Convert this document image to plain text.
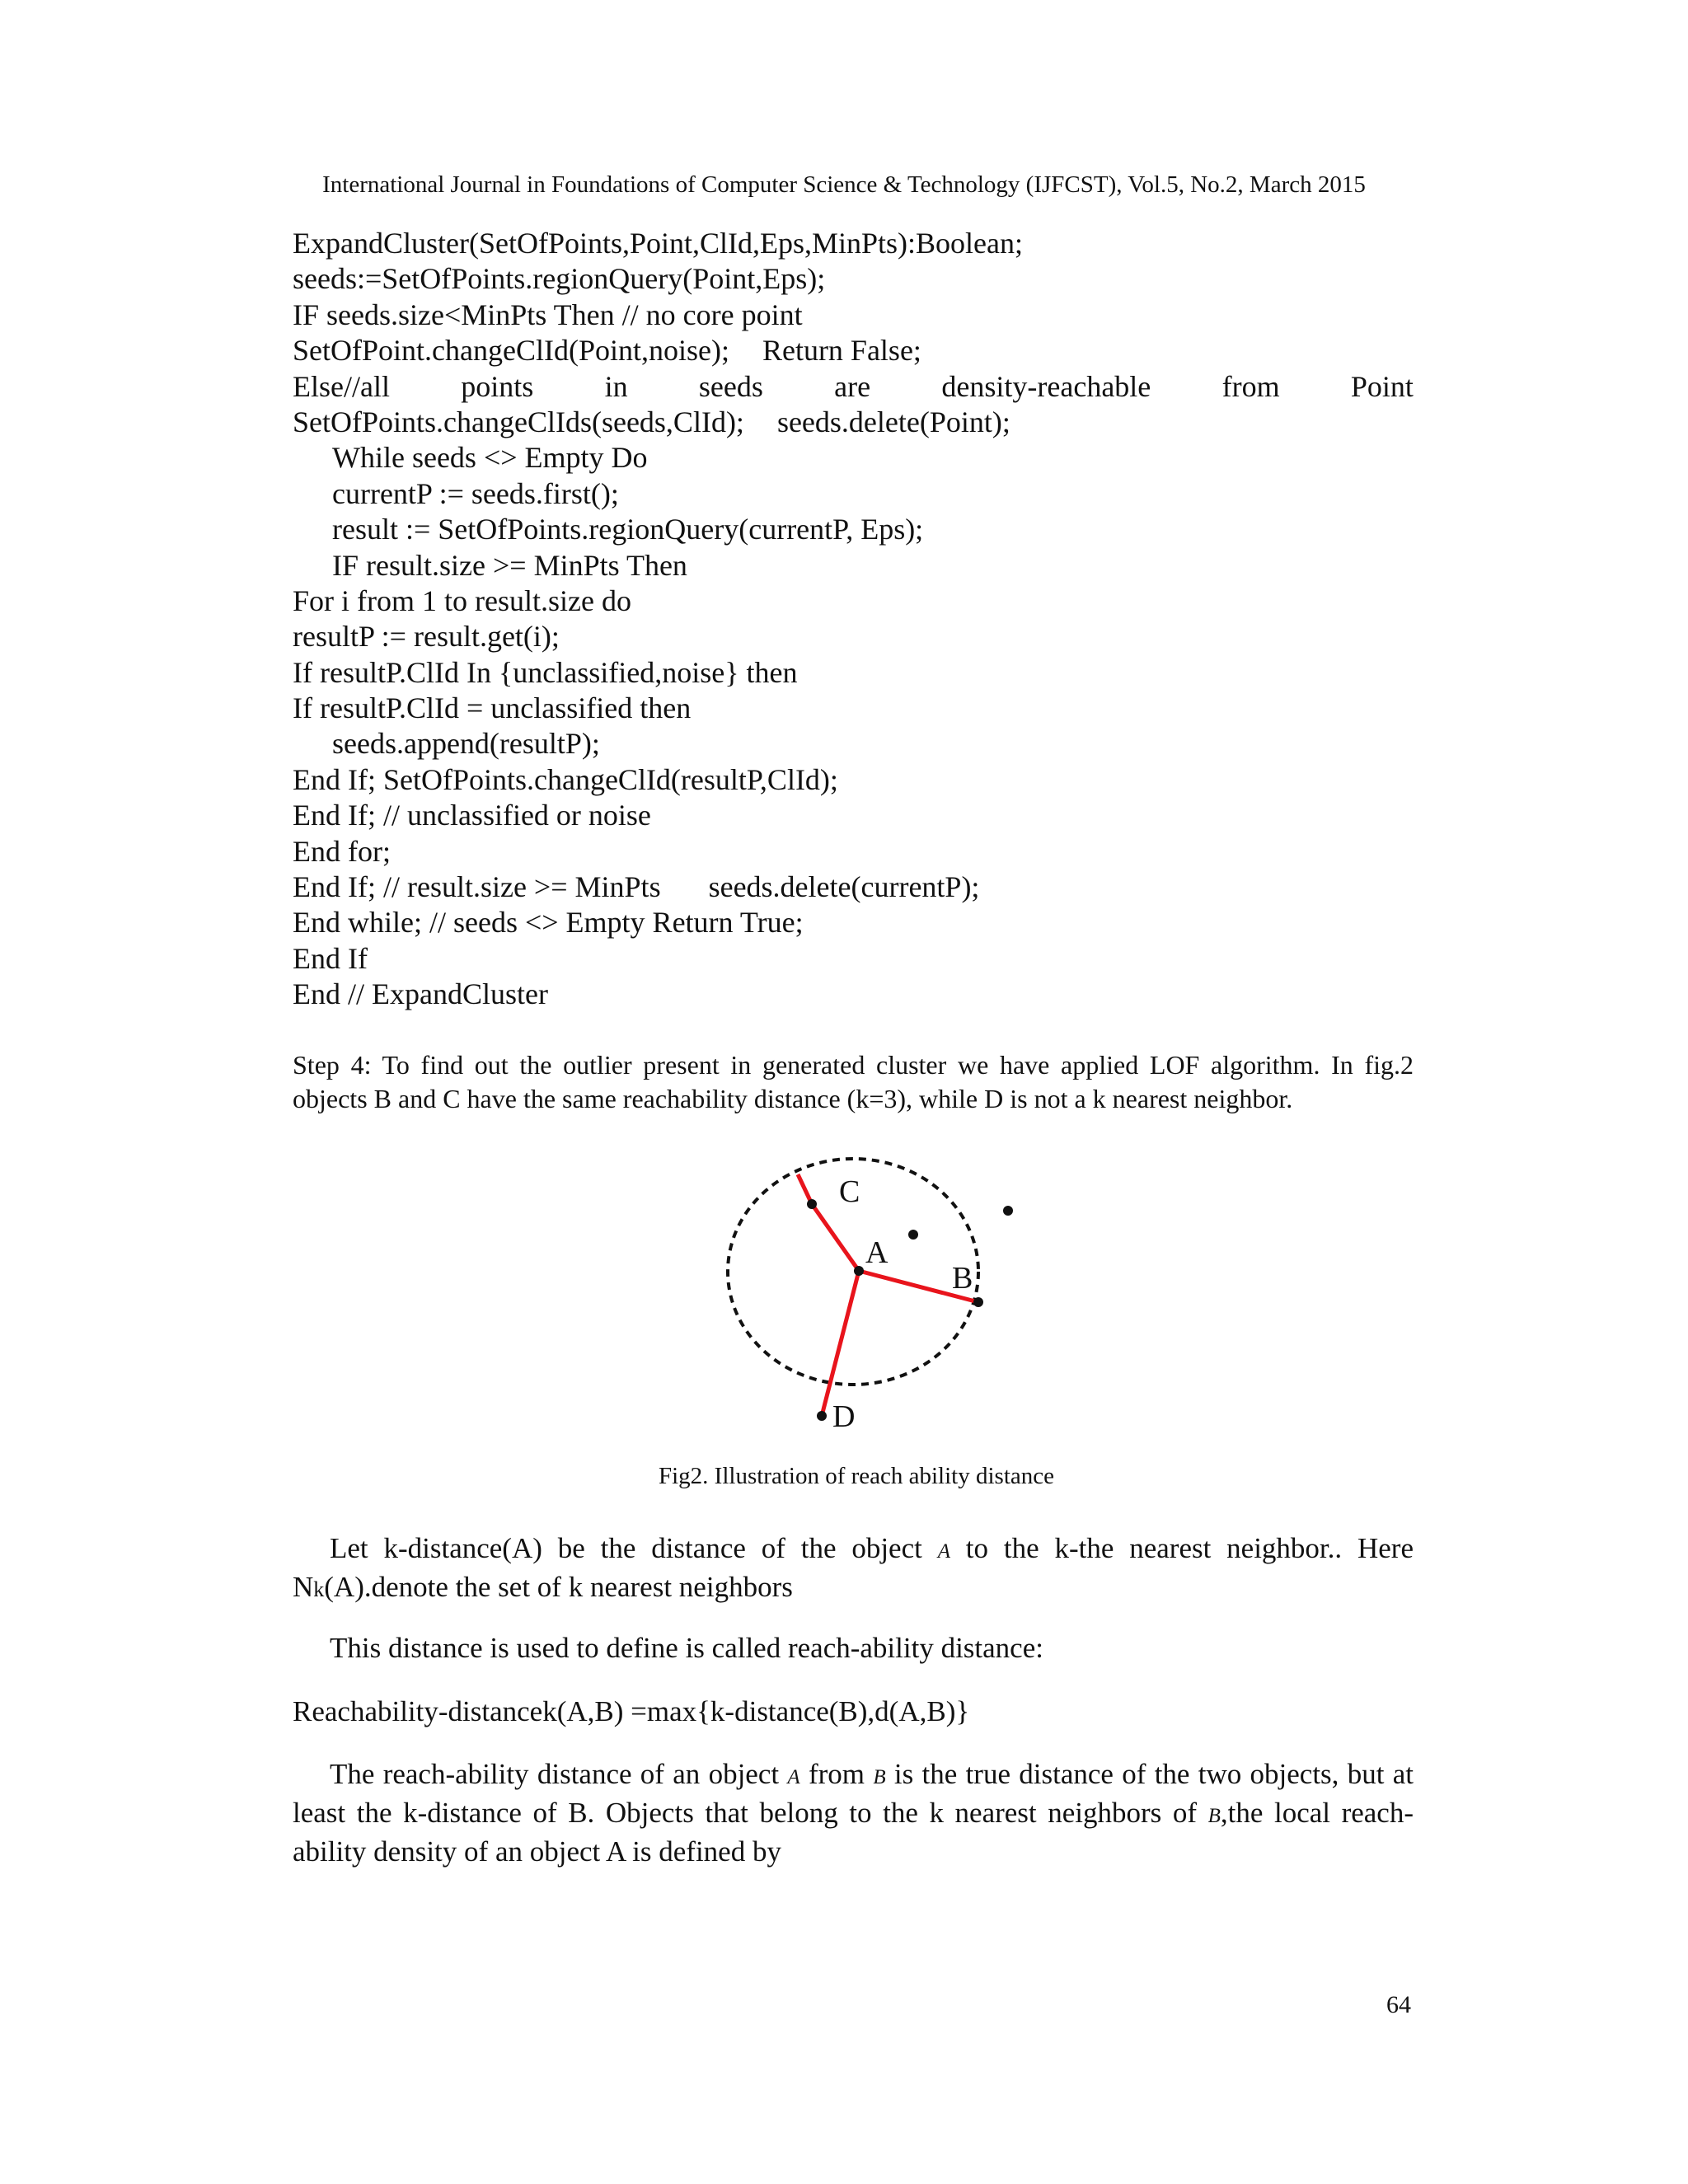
International Journal in Foundations of Computer Science & Technology (IJFCST), Vol.5, No.2, March 2015
ExpandCluster(SetOfPoints,Point,ClId,Eps,MinPts):Boolean;
seeds:=SetOfPoints.regionQuery(Point,Eps);
IF seeds.size<MinPts Then // no core point
SetOfPoint.changeClId(Point,noise); Return False;
Else//all points in seeds are density-reachable from Point
SetOfPoints.changeClIds(seeds,ClId); seeds.delete(Point);
While seeds <> Empty Do
currentP := seeds.first();
result := SetOfPoints.regionQuery(currentP, Eps);
IF result.size >= MinPts Then
For i from 1 to result.size do
resultP := result.get(i);
If resultP.ClId In {unclassified,noise} then
If resultP.ClId = unclassified then
seeds.append(resultP);
End If; SetOfPoints.changeClId(resultP,ClId);
End If; // unclassified or noise
End for;
End If; // result.size >= MinPts seeds.delete(currentP);
End while; // seeds <> Empty Return True;
End If
End // ExpandCluster
Step 4: To find out the outlier present in generated cluster we have applied LOF algorithm. In fig.2 objects B and C have the same reachability distance (k=3), while D is not a k nearest neighbor.
C
A
B
D
Fig2. Illustration of reach ability distance
Let k-distance(A) be the distance of the object A to the k-the nearest neighbor.. Here Nk(A).denote the set of k nearest neighbors
This distance is used to define is called reach-ability distance:
Reachability-distancek(A,B) =max{k-distance(B),d(A,B)}
The reach-ability distance of an object A from B is the true distance of the two objects, but at least the k-distance of B. Objects that belong to the k nearest neighbors of B,the local reach-ability density of an object A is defined by
64
